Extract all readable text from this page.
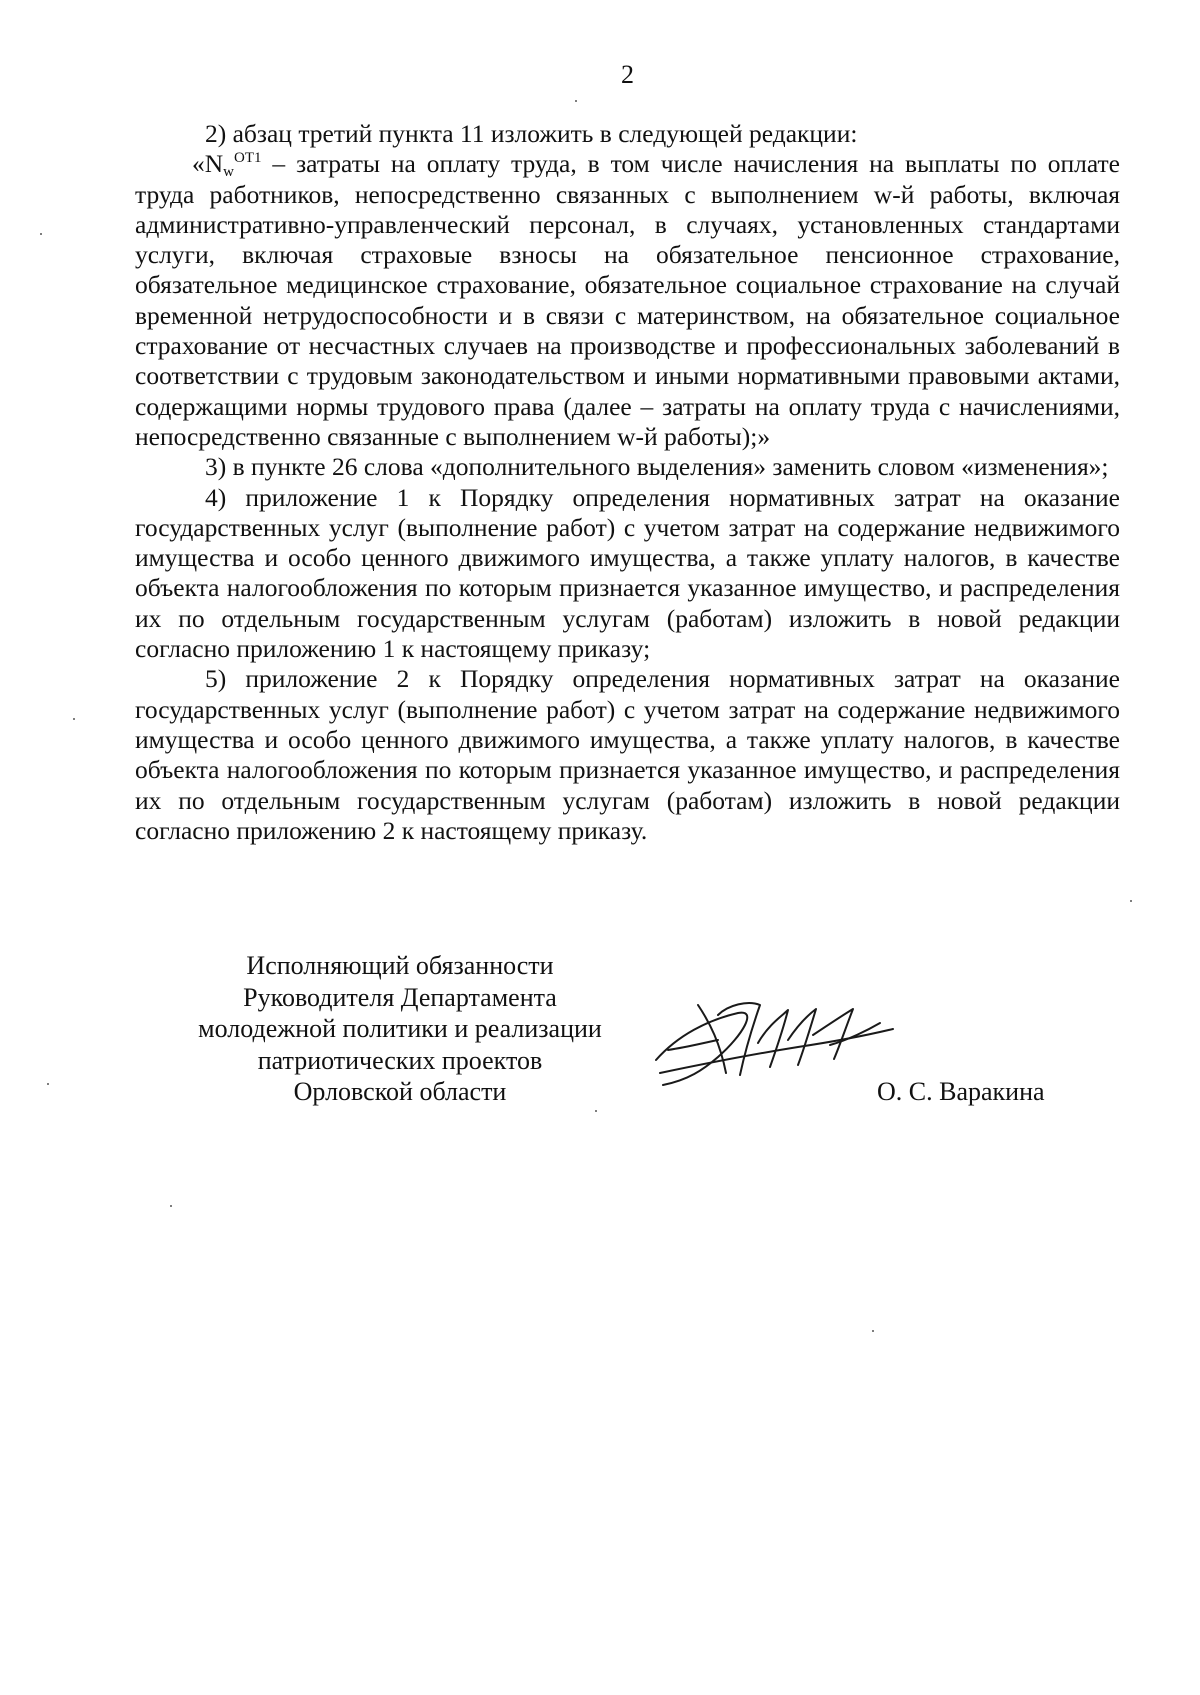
2

2) абзац третий пункта 11 изложить в следующей редакции:

«$N_w^{ОТ1}$ – затраты на оплату труда, в том числе начисления на выплаты по оплате труда работников, непосредственно связанных с выполнением w-й работы, включая административно-управленческий персонал, в случаях, установленных стандартами услуги, включая страховые взносы на обязательное пенсионное страхование, обязательное медицинское страхование, обязательное социальное страхование на случай временной нетрудоспособности и в связи с материнством, на обязательное социальное страхование от несчастных случаев на производстве и профессиональных заболеваний в соответствии с трудовым законодательством и иными нормативными правовыми актами, содержащими нормы трудового права (далее – затраты на оплату труда с начислениями, непосредственно связанные с выполнением w-й работы);»

3) в пункте 26 слова «дополнительного выделения» заменить словом «изменения»;

4) приложение 1 к Порядку определения нормативных затрат на оказание государственных услуг (выполнение работ) с учетом затрат на содержание недвижимого имущества и особо ценного движимого имущества, а также уплату налогов, в качестве объекта налогообложения по которым признается указанное имущество, и распределения их по отдельным государственным услугам (работам) изложить в новой редакции согласно приложению 1 к настоящему приказу;

5) приложение 2 к Порядку определения нормативных затрат на оказание государственных услуг (выполнение работ) с учетом затрат на содержание недвижимого имущества и особо ценного движимого имущества, а также уплату налогов, в качестве объекта налогообложения по которым признается указанное имущество, и распределения их по отдельным государственным услугам (работам) изложить в новой редакции согласно приложению 2 к настоящему приказу.

Исполняющий обязанности
Руководителя Департамента
молодежной политики и реализации
патриотических проектов
Орловской области	О. С. Варакина
